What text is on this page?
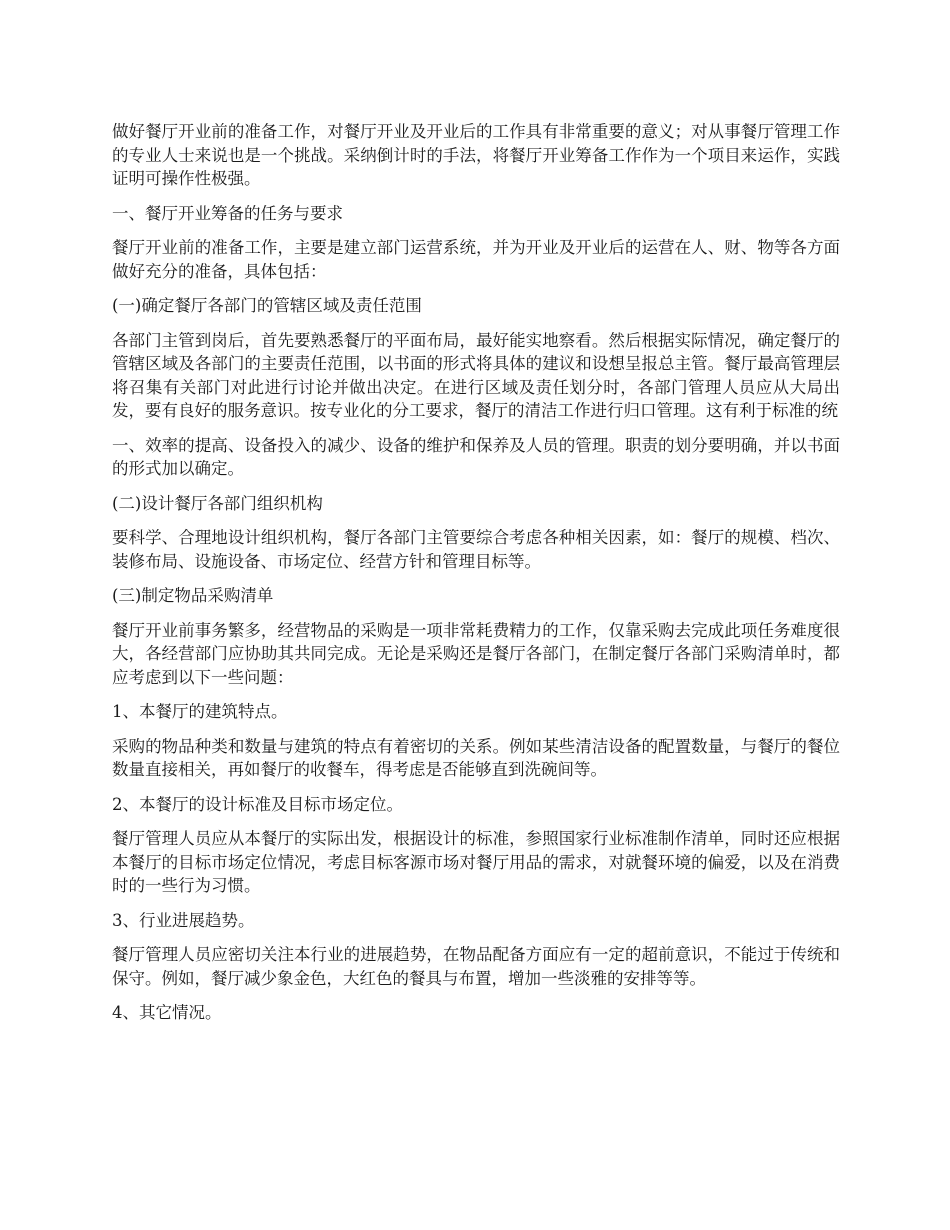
做好餐厅开业前的准备工作，对餐厅开业及开业后的工作具有非常重要的意义；对从事餐厅管理工作的专业人士来说也是一个挑战。采纳倒计时的手法，将餐厅开业筹备工作作为一个项目来运作，实践证明可操作性极强。

一、餐厅开业筹备的任务与要求

餐厅开业前的准备工作，主要是建立部门运营系统，并为开业及开业后的运营在人、财、物等各方面做好充分的准备，具体包括：

(一)确定餐厅各部门的管辖区域及责任范围

各部门主管到岗后，首先要熟悉餐厅的平面布局，最好能实地察看。然后根据实际情况，确定餐厅的管辖区域及各部门的主要责任范围，以书面的形式将具体的建议和设想呈报总主管。餐厅最高管理层将召集有关部门对此进行讨论并做出决定。在进行区域及责任划分时，各部门管理人员应从大局出发，要有良好的服务意识。按专业化的分工要求，餐厅的清洁工作进行归口管理。这有利于标准的统

一、效率的提高、设备投入的减少、设备的维护和保养及人员的管理。职责的划分要明确，并以书面的形式加以确定。

(二)设计餐厅各部门组织机构

要科学、合理地设计组织机构，餐厅各部门主管要综合考虑各种相关因素，如：餐厅的规模、档次、装修布局、设施设备、市场定位、经营方针和管理目标等。

(三)制定物品采购清单

餐厅开业前事务繁多，经营物品的采购是一项非常耗费精力的工作，仅靠采购去完成此项任务难度很大，各经营部门应协助其共同完成。无论是采购还是餐厅各部门，在制定餐厅各部门采购清单时，都应考虑到以下一些问题：

1、本餐厅的建筑特点。

采购的物品种类和数量与建筑的特点有着密切的关系。例如某些清洁设备的配置数量，与餐厅的餐位数量直接相关，再如餐厅的收餐车，得考虑是否能够直到洗碗间等。

2、本餐厅的设计标准及目标市场定位。

餐厅管理人员应从本餐厅的实际出发，根据设计的标准，参照国家行业标准制作清单，同时还应根据本餐厅的目标市场定位情况，考虑目标客源市场对餐厅用品的需求，对就餐环境的偏爱，以及在消费时的一些行为习惯。

3、行业进展趋势。

餐厅管理人员应密切关注本行业的进展趋势，在物品配备方面应有一定的超前意识，不能过于传统和保守。例如，餐厅减少象金色，大红色的餐具与布置，增加一些淡雅的安排等等。

4、其它情况。
